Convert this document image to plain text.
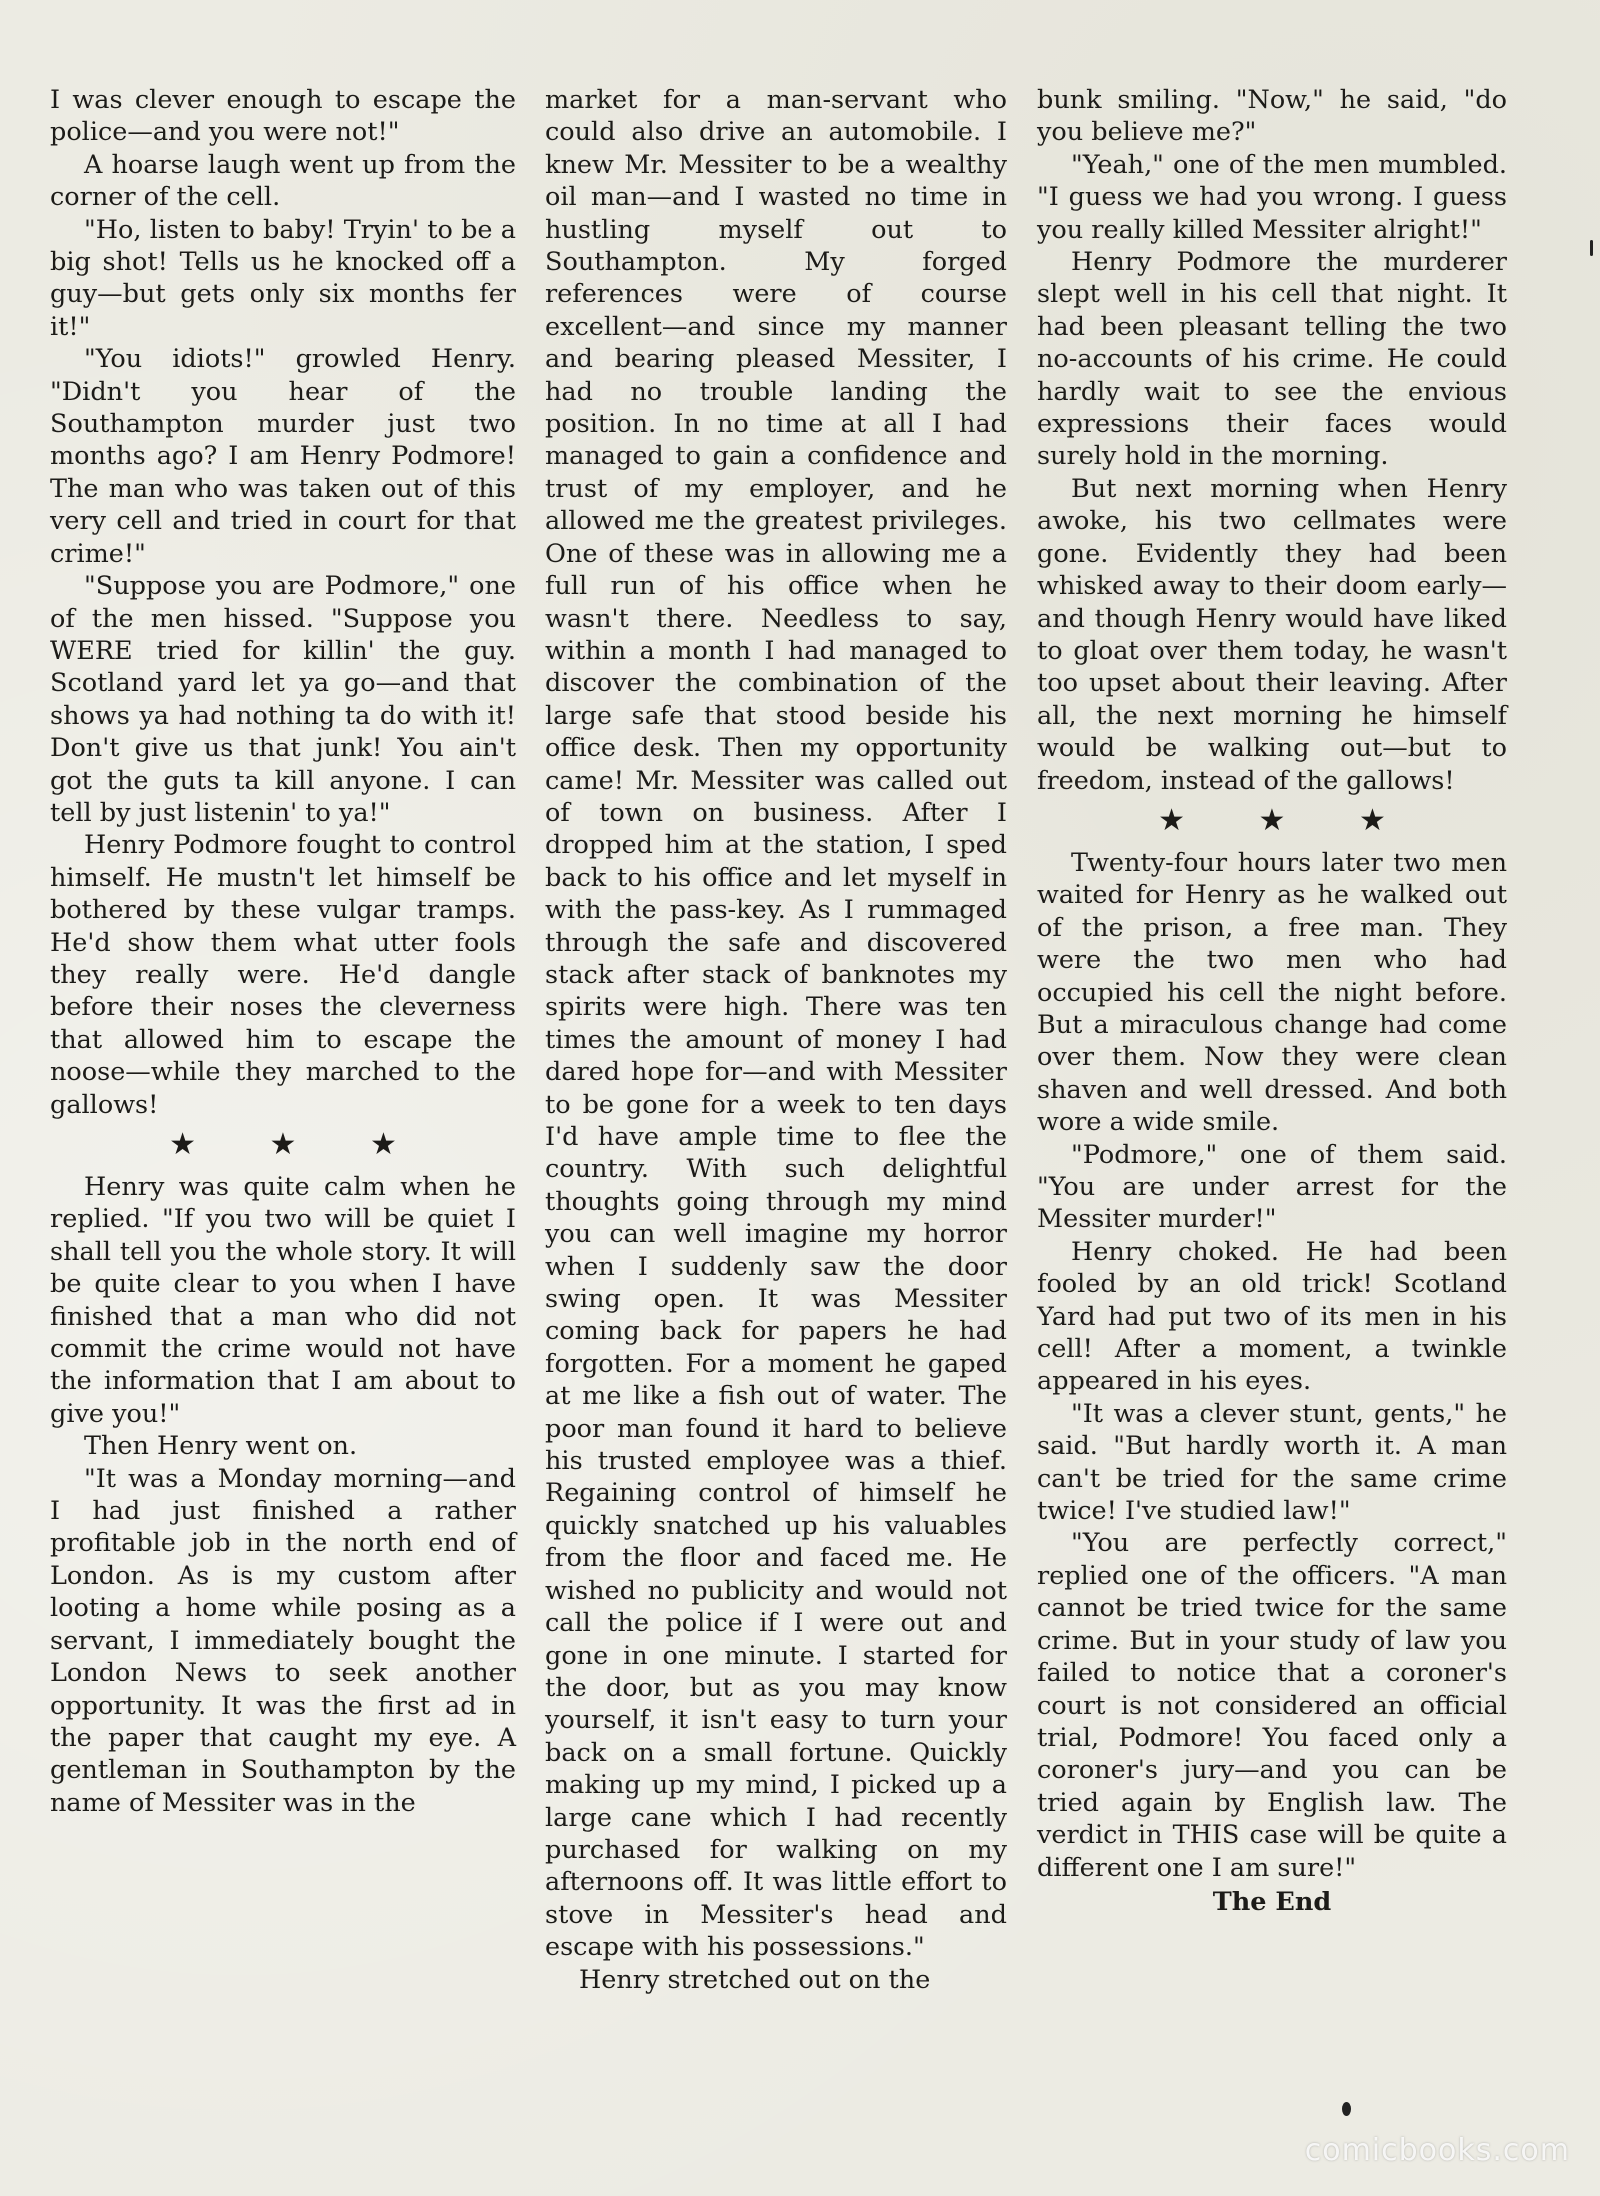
I was clever enough to escape the police—and you were not!"

A hoarse laugh went up from the corner of the cell.

"Ho, listen to baby! Tryin' to be a big shot! Tells us he knocked off a guy—but gets only six months fer it!"

"You idiots!" growled Henry. "Didn't you hear of the Southampton murder just two months ago? I am Henry Podmore! The man who was taken out of this very cell and tried in court for that crime!"

"Suppose you are Podmore," one of the men hissed. "Suppose you WERE tried for killin' the guy. Scotland yard let ya go—and that shows ya had nothing ta do with it! Don't give us that junk! You ain't got the guts ta kill anyone. I can tell by just listenin' to ya!"

Henry Podmore fought to control himself. He mustn't let himself be bothered by these vulgar tramps. He'd show them what utter fools they really were. He'd dangle before their noses the cleverness that allowed him to escape the noose—while they marched to the gallows!

★ ★ ★

Henry was quite calm when he replied. "If you two will be quiet I shall tell you the whole story. It will be quite clear to you when I have finished that a man who did not commit the crime would not have the information that I am about to give you!"

Then Henry went on.

"It was a Monday morning—and I had just finished a rather profitable job in the north end of London. As is my custom after looting a home while posing as a servant, I immediately bought the London News to seek another opportunity. It was the first ad in the paper that caught my eye. A gentleman in Southampton by the name of Messiter was in the

market for a man-servant who could also drive an automobile. I knew Mr. Messiter to be a wealthy oil man—and I wasted no time in hustling myself out to Southampton. My forged references were of course excellent—and since my manner and bearing pleased Messiter, I had no trouble landing the position. In no time at all I had managed to gain a confidence and trust of my employer, and he allowed me the greatest privileges. One of these was in allowing me a full run of his office when he wasn't there. Needless to say, within a month I had managed to discover the combination of the large safe that stood beside his office desk. Then my opportunity came! Mr. Messiter was called out of town on business. After I dropped him at the station, I sped back to his office and let myself in with the pass-key. As I rummaged through the safe and discovered stack after stack of banknotes my spirits were high. There was ten times the amount of money I had dared hope for—and with Messiter to be gone for a week to ten days I'd have ample time to flee the country. With such delightful thoughts going through my mind you can well imagine my horror when I suddenly saw the door swing open. It was Messiter coming back for papers he had forgotten. For a moment he gaped at me like a fish out of water. The poor man found it hard to believe his trusted employee was a thief. Regaining control of himself he quickly snatched up his valuables from the floor and faced me. He wished no publicity and would not call the police if I were out and gone in one minute. I started for the door, but as you may know yourself, it isn't easy to turn your back on a small fortune. Quickly making up my mind, I picked up a large cane which I had recently purchased for walking on my afternoons off. It was little effort to stove in Messiter's head and escape with his possessions."

Henry stretched out on the

bunk smiling. "Now," he said, "do you believe me?"

"Yeah," one of the men mumbled. "I guess we had you wrong. I guess you really killed Messiter alright!"

Henry Podmore the murderer slept well in his cell that night. It had been pleasant telling the two no-accounts of his crime. He could hardly wait to see the envious expressions their faces would surely hold in the morning.

But next morning when Henry awoke, his two cellmates were gone. Evidently they had been whisked away to their doom early—and though Henry would have liked to gloat over them today, he wasn't too upset about their leaving. After all, the next morning he himself would be walking out—but to freedom, instead of the gallows!

★ ★ ★

Twenty-four hours later two men waited for Henry as he walked out of the prison, a free man. They were the two men who had occupied his cell the night before. But a miraculous change had come over them. Now they were clean shaven and well dressed. And both wore a wide smile.

"Podmore," one of them said. "You are under arrest for the Messiter murder!"

Henry choked. He had been fooled by an old trick! Scotland Yard had put two of its men in his cell! After a moment, a twinkle appeared in his eyes.

"It was a clever stunt, gents," he said. "But hardly worth it. A man can't be tried for the same crime twice! I've studied law!"

"You are perfectly correct," replied one of the officers. "A man cannot be tried twice for the same crime. But in your study of law you failed to notice that a coroner's court is not considered an official trial, Podmore! You faced only a coroner's jury—and you can be tried again by English law. The verdict in THIS case will be quite a different one I am sure!"

The End
comicbooks.com
